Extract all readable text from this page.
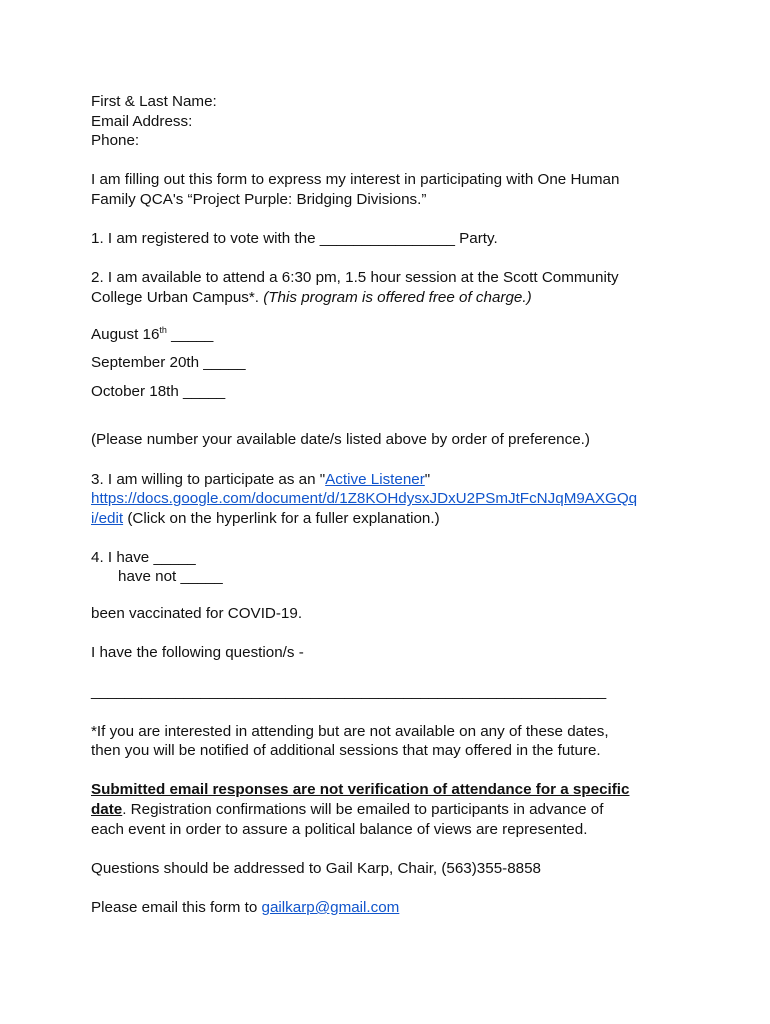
First & Last Name:
Email Address:
Phone:
I am filling out this form to express my interest in participating with One Human
Family QCA's “Project Purple: Bridging Divisions.”
1. I am registered to vote with the ________________ Party.
2. I am available to attend a 6:30 pm, 1.5 hour session at the Scott Community
College Urban Campus*. (This program is offered free of charge.)
August 16th _____
September 20th _____
October 18th _____
(Please number your available date/s listed above by order of preference.)
3. I am willing to participate as an "Active Listener"
https://docs.google.com/document/d/1Z8KOHdysxJDxU2PSmJtFcNJqM9AXGQq
i/edit (Click on the hyperlink for a fuller explanation.)
4. I have _____
have not _____
been vaccinated for COVID-19.
I have the following question/s -
_____________________________________________________________
*If you are interested in attending but are not available on any of these dates,
then you will be notified of additional sessions that may offered in the future.
Submitted email responses are not verification of attendance for a specific
date. Registration confirmations will be emailed to participants in advance of
each event in order to assure a political balance of views are represented.
Questions should be addressed to Gail Karp, Chair, (563)355-8858
Please email this form to gailkarp@gmail.com
